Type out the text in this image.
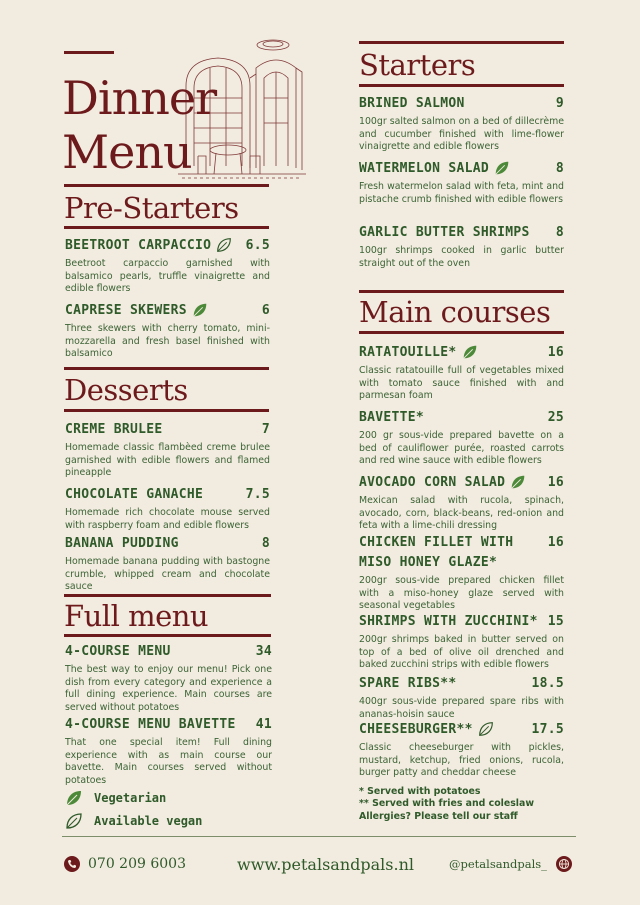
Dinner
Menu
Pre-Starters
BEETROOT CARPACCIO	6.5
Beetroot carpaccio garnished with balsamico pearls, truffle vinaigrette and edible flowers
CAPRESE SKEWERS	6
Three skewers with cherry tomato, mini-mozzarella and fresh basel finished with balsamico
Desserts
CREME BRULEE	7
Homemade classic flambèed creme brulee garnished with edible flowers and flamed pineapple
CHOCOLATE GANACHE	7.5
Homemade rich chocolate mouse served with raspberry foam and edible flowers
BANANA PUDDING	8
Homemade banana pudding with bastogne crumble, whipped cream and chocolate sauce
Full menu
4-COURSE MENU	34
The best way to enjoy our menu! Pick one dish from every category and experience a full dining experience. Main courses are served without potatoes
4-COURSE MENU BAVETTE 41
That one special item! Full dining experience with as main course our bavette. Main courses served without potatoes
Vegetarian
Available vegan
Starters
BRINED SALMON	9
100gr salted salmon on a bed of dillecrème and cucumber finished with lime-flower vinaigrette and edible flowers
WATERMELON SALAD	8
Fresh watermelon salad with feta, mint and pistache crumb finished with edible flowers
GARLIC BUTTER SHRIMPS 8
100gr shrimps cooked in garlic butter straight out of the oven
Main courses
RATATOUILLE*	16
Classic ratatouille full of vegetables mixed with tomato sauce finished with and parmesan foam
BAVETTE*	25
200 gr sous-vide prepared bavette on a bed of cauliflower purée, roasted carrots and red wine sauce with edible flowers
AVOCADO CORN SALAD	16
Mexican salad with rucola, spinach, avocado, corn, black-beans, red-onion and feta with a lime-chili dressing
CHICKEN FILLET WITH	16
MISO HONEY GLAZE*
200gr sous-vide prepared chicken fillet with a miso-honey glaze served with seasonal vegetables
SHRIMPS WITH ZUCCHINI* 15
200gr shrimps baked in butter served on top of a bed of olive oil drenched and baked zucchini strips with edible flowers
SPARE RIBS**	18.5
400gr sous-vide prepared spare ribs with ananas-hoisin sauce
CHEESEBURGER**	17.5
Classic cheeseburger with pickles, mustard, ketchup, fried onions, rucola, burger patty and cheddar cheese
* Served with potatoes
** Served with fries and coleslaw
Allergies? Please tell our staff
070 209 6003	www.petalsandpals.nl	@petalsandpals_
